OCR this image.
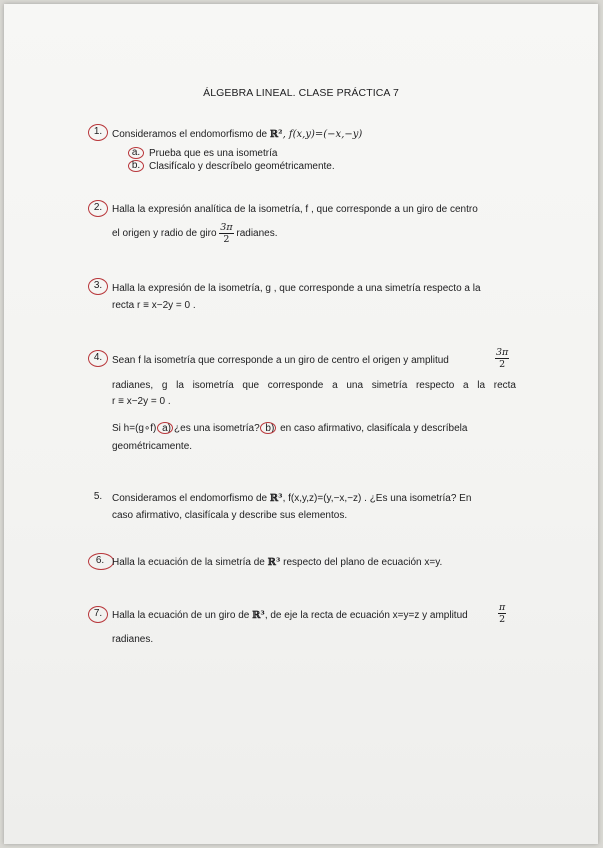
ÁLGEBRA LINEAL. CLASE PRÁCTICA 7
1. Consideramos el endomorfismo de ℝ², f(x,y)=(−x,−y)
a. Prueba que es una isometría
b. Clasifícalo y descríbelo geométricamente.
2. Halla la expresión analítica de la isometría, f , que corresponde a un giro de centro
el origen y radio de giro $\frac{3\pi}{2}$ radianes.
3. Halla la expresión de la isometría, g , que corresponde a una simetría respecto a la
recta r ≡ x−2y = 0 .
4. Sean f la isometría que corresponde a un giro de centro el origen y amplitud	$\frac{3\pi}{2}$
radianes, g la isometría que corresponde a una simetría respecto a la recta
r ≡ x−2y = 0 .
Si h=(g∘f) a) ¿es una isometría? b) en caso afirmativo, clasifícala y descríbela
geométricamente.
5. Consideramos el endomorfismo de ℝ³, f(x,y,z)=(y,−x,−z) . ¿Es una isometría? En
caso afirmativo, clasifícala y describe sus elementos.
6. Halla la ecuación de la simetría de ℝ³ respecto del plano de ecuación x=y.
7. Halla la ecuación de un giro de ℝ³, de eje la recta de ecuación x=y=z y amplitud	$\frac{\pi}{2}$
radianes.
